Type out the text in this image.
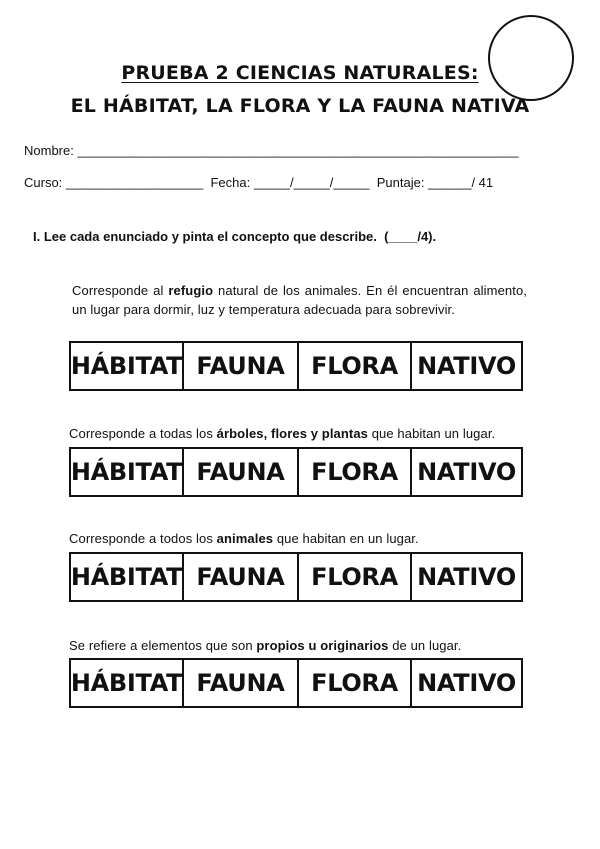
PRUEBA 2 CIENCIAS NATURALES:
EL HÁBITAT, LA FLORA Y LA FAUNA NATIVA
Nombre: _____________________________________________________________
Curso: ___________________  Fecha: _____/_____/_____  Puntaje: ______/ 41
I. Lee cada enunciado y pinta el concepto que describe.  (____/4).
Corresponde al refugio natural de los animales. En él encuentran alimento, un lugar para dormir, luz y temperatura adecuada para sobrevivir.
HÁBITAT FAUNA	FLORA NATIVO
Corresponde a todas los árboles, flores y plantas que habitan un lugar.
HÁBITAT FAUNA	FLORA NATIVO
Corresponde a todos los animales que habitan en un lugar.
HÁBITAT FAUNA	FLORA NATIVO
Se refiere a elementos que son propios u originarios de un lugar.
HÁBITAT FAUNA	FLORA NATIVO
